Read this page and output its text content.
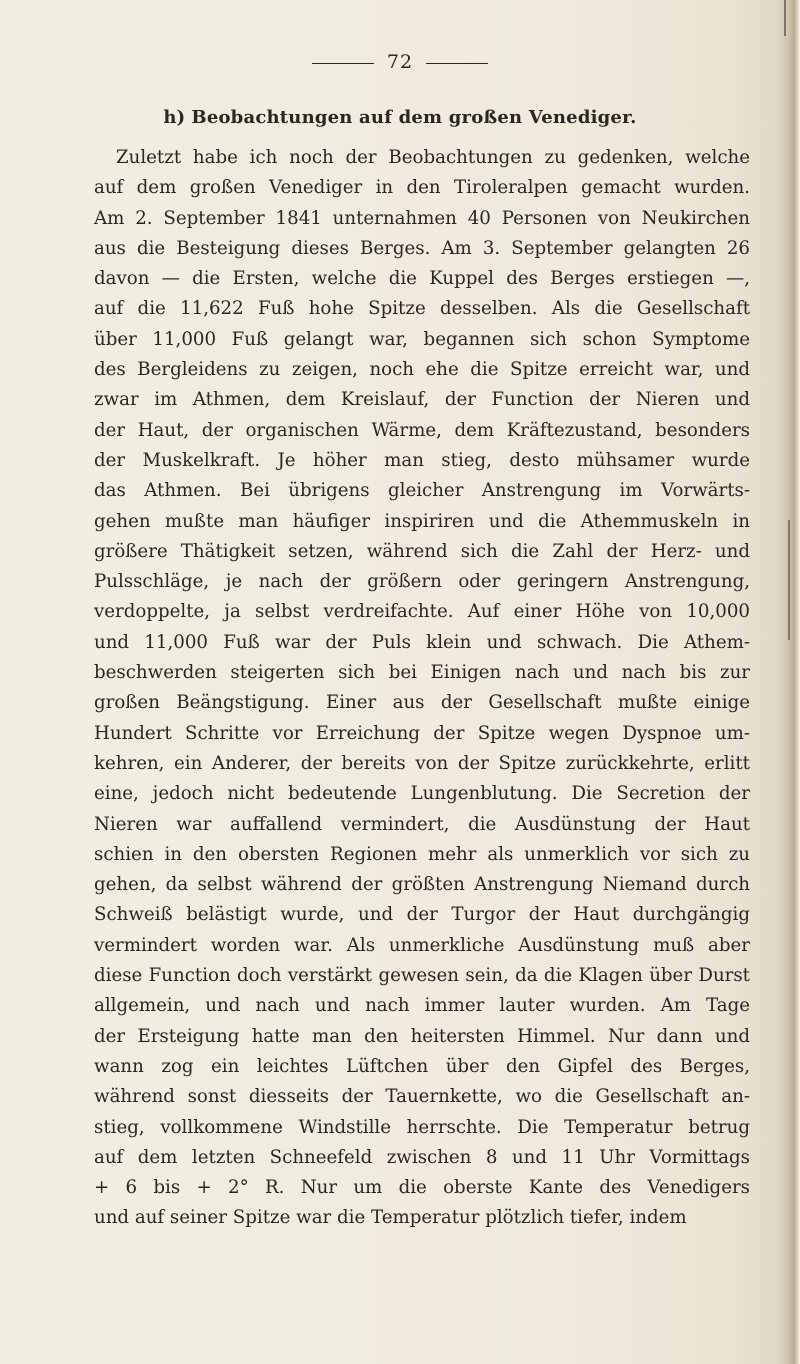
72
h) Beobachtungen auf dem großen Venediger.
Zuletzt habe ich noch der Beobachtungen zu gedenken, welche
auf dem großen Venediger in den Tiroleralpen gemacht wurden.
Am 2. September 1841 unternahmen 40 Personen von Neukirchen
aus die Besteigung dieses Berges. Am 3. September gelangten 26
davon — die Ersten, welche die Kuppel des Berges erstiegen —,
auf die 11,622 Fuß hohe Spitze desselben. Als die Gesellschaft
über 11,000 Fuß gelangt war, begannen sich schon Symptome
des Bergleidens zu zeigen, noch ehe die Spitze erreicht war, und
zwar im Athmen, dem Kreislauf, der Function der Nieren und
der Haut, der organischen Wärme, dem Kräftezustand, besonders
der Muskelkraft. Je höher man stieg, desto mühsamer wurde
das Athmen. Bei übrigens gleicher Anstrengung im Vorwärts-
gehen mußte man häufiger inspiriren und die Athemmuskeln in
größere Thätigkeit setzen, während sich die Zahl der Herz- und
Pulsschläge, je nach der größern oder geringern Anstrengung,
verdoppelte, ja selbst verdreifachte. Auf einer Höhe von 10,000
und 11,000 Fuß war der Puls klein und schwach. Die Athem-
beschwerden steigerten sich bei Einigen nach und nach bis zur
großen Beängstigung. Einer aus der Gesellschaft mußte einige
Hundert Schritte vor Erreichung der Spitze wegen Dyspnoe um-
kehren, ein Anderer, der bereits von der Spitze zurückkehrte, erlitt
eine, jedoch nicht bedeutende Lungenblutung. Die Secretion der
Nieren war auffallend vermindert, die Ausdünstung der Haut
schien in den obersten Regionen mehr als unmerklich vor sich zu
gehen, da selbst während der größten Anstrengung Niemand durch
Schweiß belästigt wurde, und der Turgor der Haut durchgängig
vermindert worden war. Als unmerkliche Ausdünstung muß aber
diese Function doch verstärkt gewesen sein, da die Klagen über Durst
allgemein, und nach und nach immer lauter wurden. Am Tage
der Ersteigung hatte man den heitersten Himmel. Nur dann und
wann zog ein leichtes Lüftchen über den Gipfel des Berges,
während sonst diesseits der Tauernkette, wo die Gesellschaft an-
stieg, vollkommene Windstille herrschte. Die Temperatur betrug
auf dem letzten Schneefeld zwischen 8 und 11 Uhr Vormittags
+ 6 bis + 2° R. Nur um die oberste Kante des Venedigers
und auf seiner Spitze war die Temperatur plötzlich tiefer, indem
